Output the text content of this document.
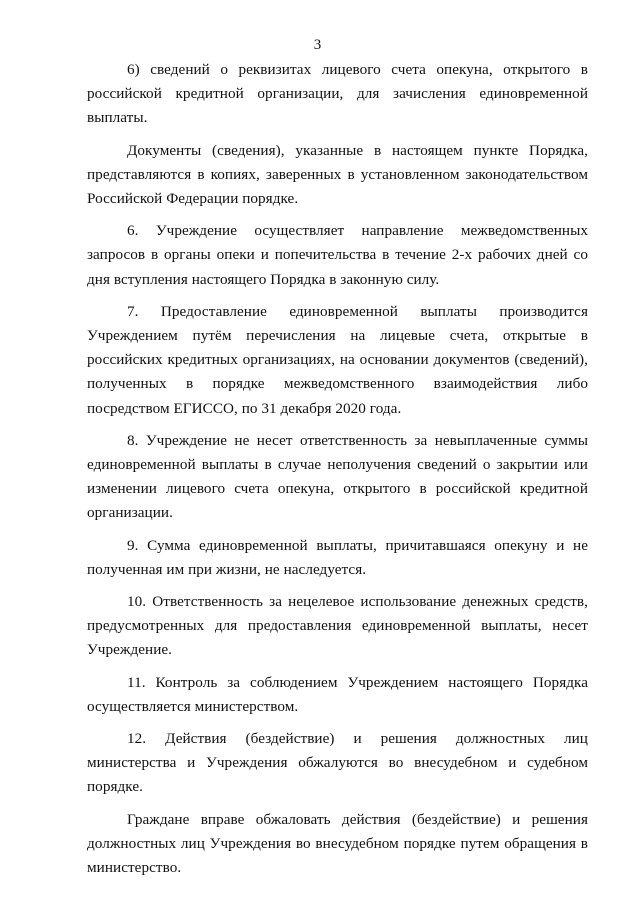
3

6) сведений о реквизитах лицевого счета опекуна, открытого в российской кредитной организации, для зачисления единовременной выплаты.

Документы (сведения), указанные в настоящем пункте Порядка, представляются в копиях, заверенных в установленном законодательством Российской Федерации порядке.

6. Учреждение осуществляет направление межведомственных запросов в органы опеки и попечительства в течение 2-х рабочих дней со дня вступления настоящего Порядка в законную силу.

7. Предоставление единовременной выплаты производится Учреждением путём перечисления на лицевые счета, открытые в российских кредитных организациях, на основании документов (сведений), полученных в порядке межведомственного взаимодействия либо посредством ЕГИССО, по 31 декабря 2020 года.

8. Учреждение не несет ответственность за невыплаченные суммы единовременной выплаты в случае неполучения сведений о закрытии или изменении лицевого счета опекуна, открытого в российской кредитной организации.

9. Сумма единовременной выплаты, причитавшаяся опекуну и не полученная им при жизни, не наследуется.

10. Ответственность за нецелевое использование денежных средств, предусмотренных для предоставления единовременной выплаты, несет Учреждение.

11. Контроль за соблюдением Учреждением настоящего Порядка осуществляется министерством.

12. Действия (бездействие) и решения должностных лиц министерства и Учреждения обжалуются во внесудебном и судебном порядке.

Граждане вправе обжаловать действия (бездействие) и решения должностных лиц Учреждения во внесудебном порядке путем обращения в министерство.
